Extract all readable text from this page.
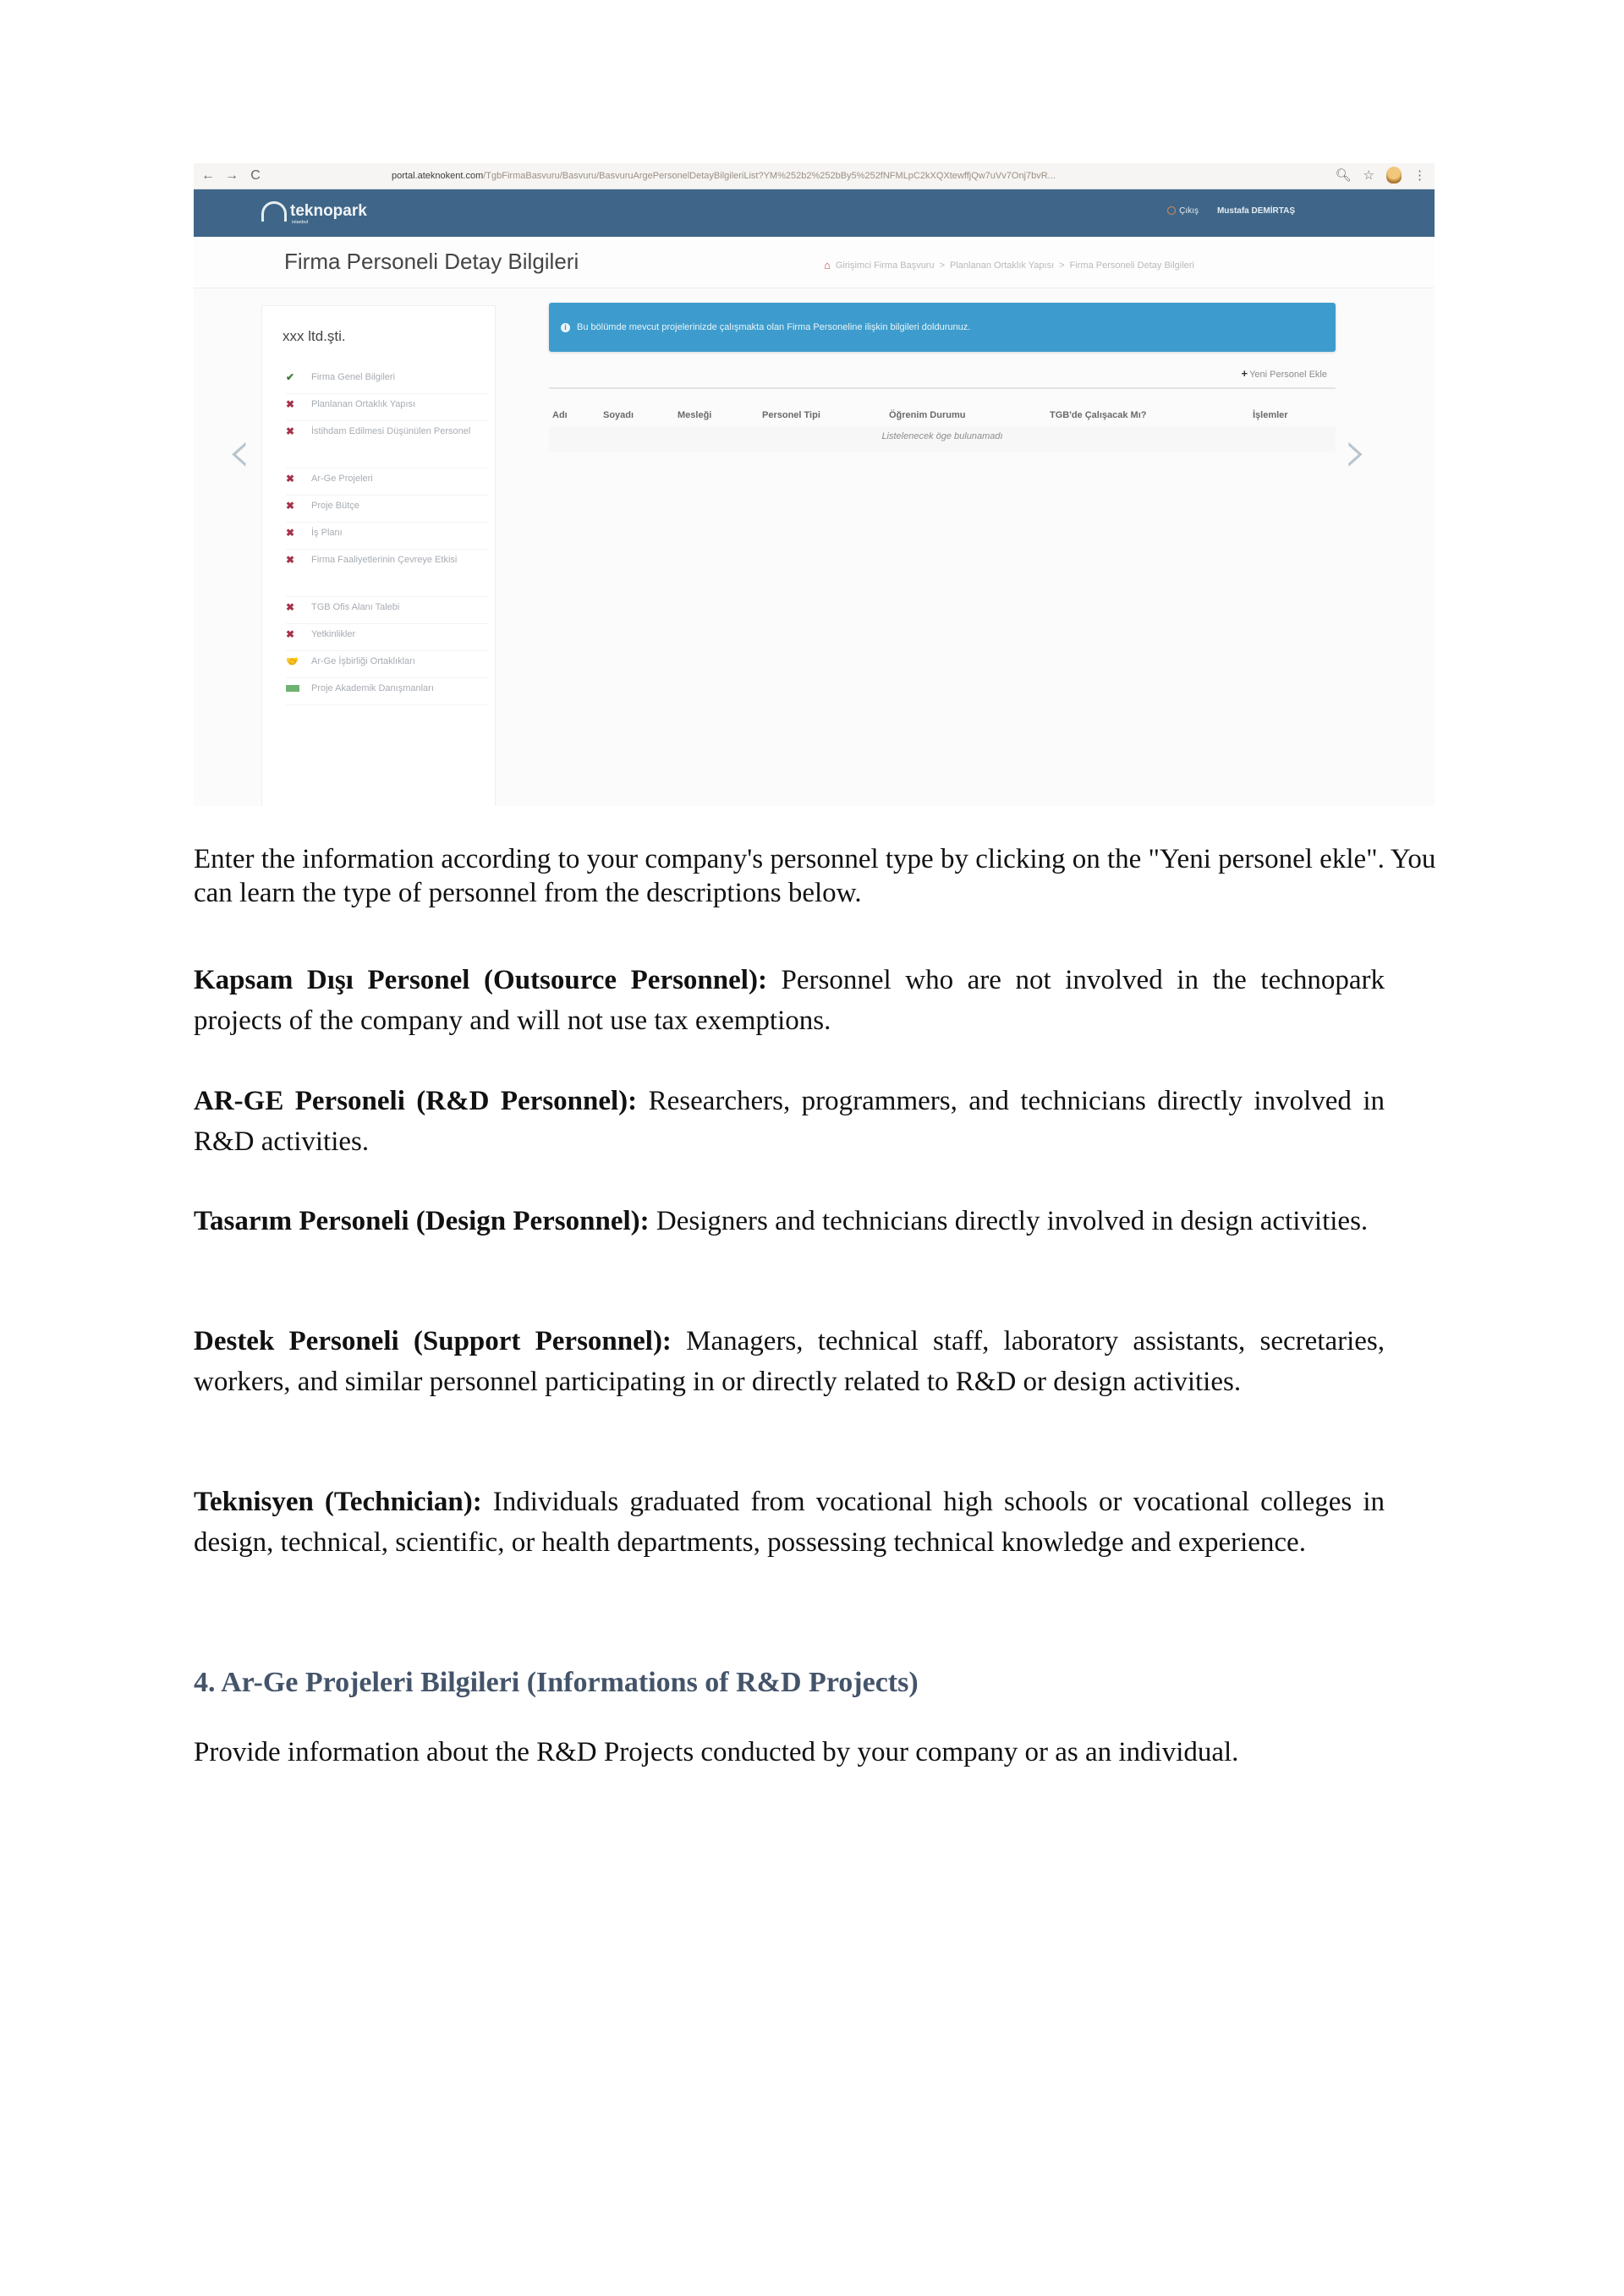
← → C	portal.ateknokent.com/TgbFirmaBasvuru/Basvuru/BasvuruArgePersonelDetayBilgileriList?YM%252b2%252bBy5%252fNFMLpC2kXQXtewffjQw7uVv7Onj7bvR...	🔍︎ ☆	⋮
teknopark
istanbul
Çıkış Mustafa DEMİRTAŞ
Firma Personeli Detay Bilgileri	⌂ Girişimci Firma Başvuru > Planlanan Ortaklık Yapısı > Firma Personeli Detay Bilgileri
‹	›
xxx ltd.şti.
✔	Firma Genel Bilgileri
✖	Planlanan Ortaklık Yapısı
✖	İstihdam Edilmesi Düşünülen Personel
✖	Ar-Ge Projeleri
✖	Proje Bütçe
✖	İş Planı
✖	Firma Faaliyetlerinin Çevreye Etkisi
✖	TGB Ofis Alanı Talebi
✖	Yetkinlikler
🤝	Ar-Ge İşbirliği Ortaklıkları
Proje Akademik Danışmanları
i	Bu bölümde mevcut projelerinizde çalışmakta olan Firma Personeline ilişkin bilgileri doldurunuz.
+ Yeni Personel Ekle
Adı	Soyadı	Mesleği	Personel Tipi	Öğrenim Durumu	TGB'de Çalışacak Mı?	İşlemler
Listelenecek öge bulunamadı
Enter the information according to your company's personnel type by clicking on the "Yeni personel ekle". You can learn the type of personnel from the descriptions below.
Kapsam Dışı Personel (Outsource Personnel): Personnel who are not involved in the technopark projects of the company and will not use tax exemptions.
AR-GE Personeli (R&D Personnel): Researchers, programmers, and technicians directly involved in R&D activities.
Tasarım Personeli (Design Personnel): Designers and technicians directly involved in design activities.
Destek Personeli (Support Personnel): Managers, technical staff, laboratory assistants, secretaries, workers, and similar personnel participating in or directly related to R&D or design activities.
Teknisyen (Technician): Individuals graduated from vocational high schools or vocational colleges in design, technical, scientific, or health departments, possessing technical knowledge and experience.
4. Ar-Ge Projeleri Bilgileri (Informations of R&D Projects)
Provide information about the R&D Projects conducted by your company or as an individual.
